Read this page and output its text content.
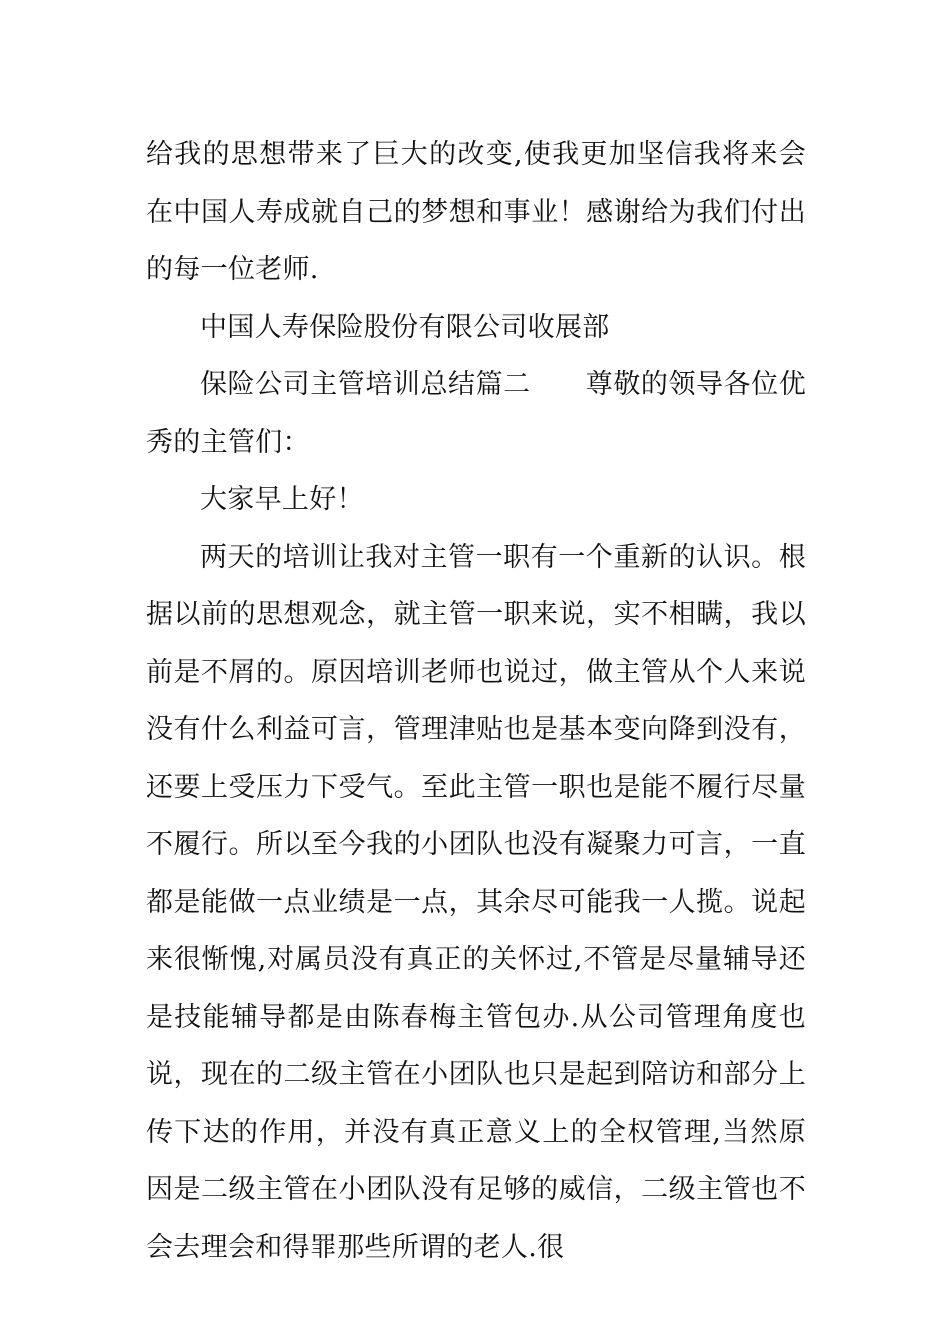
给我的思想带来了巨大的改变,使我更加坚信我将来会在中国人寿成就自己的梦想和事业！感谢给为我们付出的每一位老师.

中国人寿保险股份有限公司收展部

保险公司主管培训总结篇二　　尊敬的领导各位优秀的主管们：

大家早上好！

两天的培训让我对主管一职有一个重新的认识。根据以前的思想观念，就主管一职来说，实不相瞒，我以前是不屑的。原因培训老师也说过，做主管从个人来说没有什么利益可言，管理津贴也是基本变向降到没有，还要上受压力下受气。至此主管一职也是能不履行尽量不履行。所以至今我的小团队也没有凝聚力可言，一直都是能做一点业绩是一点，其余尽可能我一人揽。说起来很惭愧,对属员没有真正的关怀过,不管是尽量辅导还是技能辅导都是由陈春梅主管包办.从公司管理角度也说，现在的二级主管在小团队也只是起到陪访和部分上传下达的作用，并没有真正意义上的全权管理,当然原因是二级主管在小团队没有足够的威信，二级主管也不会去理会和得罪那些所谓的老人.很
